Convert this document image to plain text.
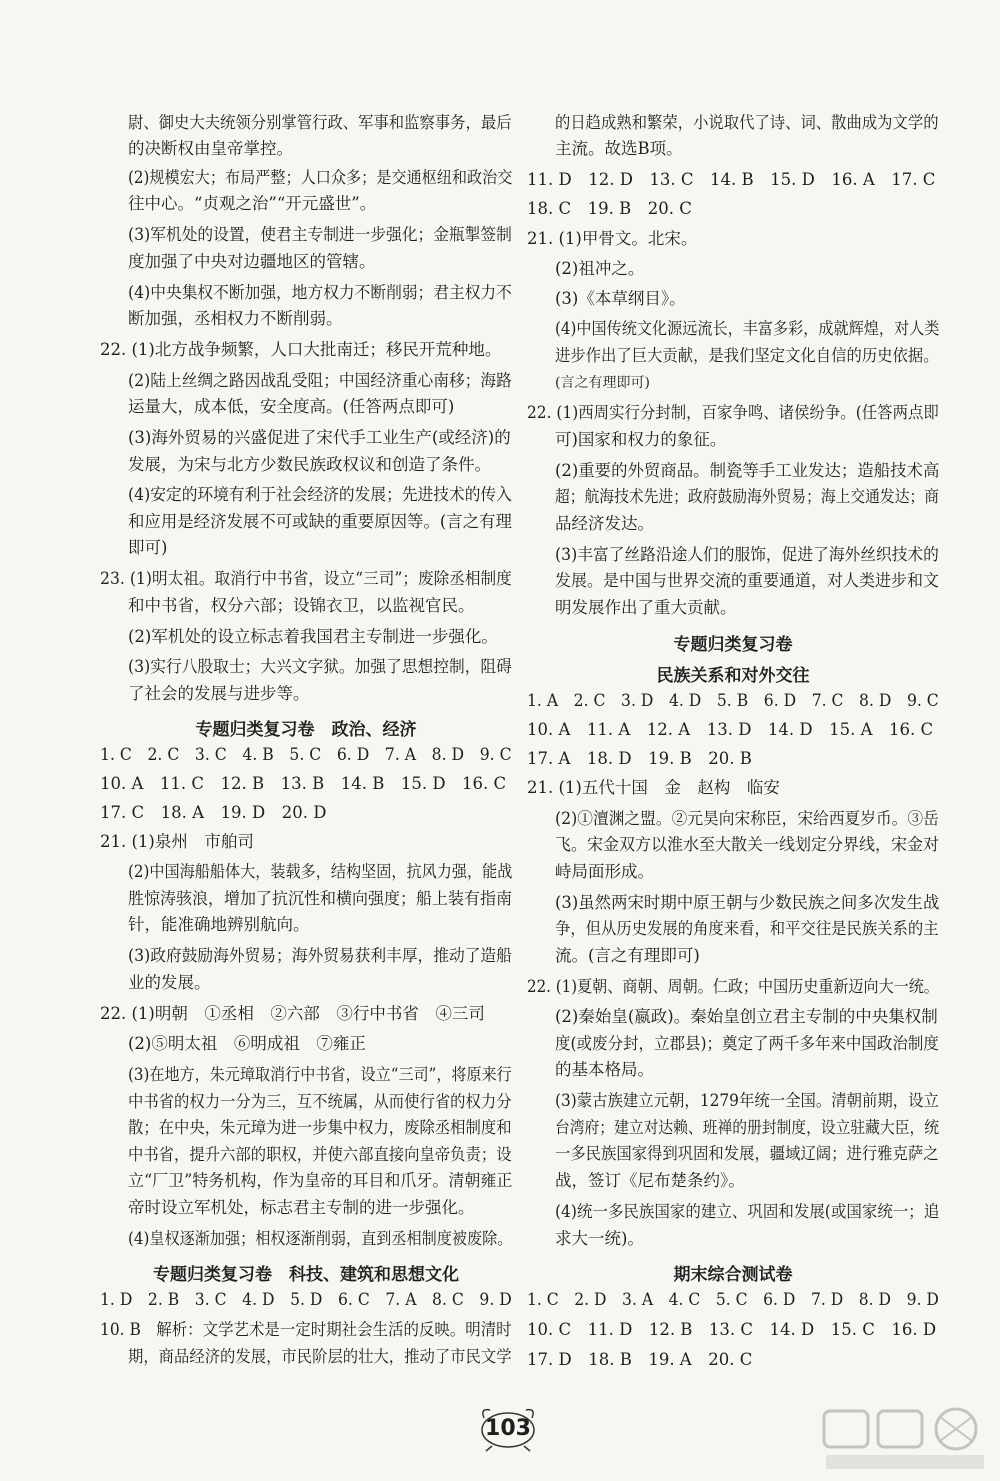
尉、御史大夫统领分别掌管行政、军事和监察事务，最后
的决断权由皇帝掌控。
(2)规模宏大；布局严整；人口众多；是交通枢纽和政治交
往中心。“贞观之治”“开元盛世”。
(3)军机处的设置，使君主专制进一步强化；金瓶掣签制
度加强了中央对边疆地区的管辖。
(4)中央集权不断加强，地方权力不断削弱；君主权力不
断加强，丞相权力不断削弱。
22. (1)北方战争频繁，人口大批南迁；移民开荒种地。
(2)陆上丝绸之路因战乱受阻；中国经济重心南移；海路
运量大，成本低，安全度高。(任答两点即可)
(3)海外贸易的兴盛促进了宋代手工业生产(或经济)的
发展，为宋与北方少数民族政权议和创造了条件。
(4)安定的环境有利于社会经济的发展；先进技术的传入
和应用是经济发展不可或缺的重要原因等。(言之有理
即可)
23. (1)明太祖。取消行中书省，设立“三司”；废除丞相制度
和中书省，权分六部；设锦衣卫，以监视官民。
(2)军机处的设立标志着我国君主专制进一步强化。
(3)实行八股取士；大兴文字狱。加强了思想控制，阻碍
了社会的发展与进步等。
专题归类复习卷　政治、经济
1. C　2. C　3. C　4. B　5. C　6. D　7. A　8. D　9. C
10. A　11. C　12. B　13. B　14. B　15. D　16. C
17. C　18. A　19. D　20. D
21. (1)泉州　市舶司
(2)中国海船船体大，装载多，结构坚固，抗风力强，能战
胜惊涛骇浪，增加了抗沉性和横向强度；船上装有指南
针，能准确地辨别航向。
(3)政府鼓励海外贸易；海外贸易获利丰厚，推动了造船
业的发展。
22. (1)明朝　①丞相　②六部　③行中书省　④三司
(2)⑤明太祖　⑥明成祖　⑦雍正
(3)在地方，朱元璋取消行中书省，设立“三司”，将原来行
中书省的权力一分为三，互不统属，从而使行省的权力分
散；在中央，朱元璋为进一步集中权力，废除丞相制度和
中书省，提升六部的职权，并使六部直接向皇帝负责；设
立“厂卫”特务机构，作为皇帝的耳目和爪牙。清朝雍正
帝时设立军机处，标志君主专制的进一步强化。
(4)皇权逐渐加强；相权逐渐削弱，直到丞相制度被废除。
专题归类复习卷　科技、建筑和思想文化
1. D　2. B　3. C　4. D　5. D　6. C　7. A　8. C　9. D
10. B　解析：文学艺术是一定时期社会生活的反映。明清时
期，商品经济的发展，市民阶层的壮大，推动了市民文学
的日趋成熟和繁荣，小说取代了诗、词、散曲成为文学的
主流。故选B项。
11. D　12. D　13. C　14. B　15. D　16. A　17. C
18. C　19. B　20. C
21. (1)甲骨文。北宋。
(2)祖冲之。
(3)《本草纲目》。
(4)中国传统文化源远流长，丰富多彩，成就辉煌，对人类
进步作出了巨大贡献，是我们坚定文化自信的历史依据。
(言之有理即可)
22. (1)西周实行分封制，百家争鸣、诸侯纷争。(任答两点即
可)国家和权力的象征。
(2)重要的外贸商品。制瓷等手工业发达；造船技术高
超；航海技术先进；政府鼓励海外贸易；海上交通发达；商
品经济发达。
(3)丰富了丝路沿途人们的服饰，促进了海外丝织技术的
发展。是中国与世界交流的重要通道，对人类进步和文
明发展作出了重大贡献。
专题归类复习卷
民族关系和对外交往
1. A　2. C　3. D　4. D　5. B　6. D　7. C　8. D　9. C
10. A　11. A　12. A　13. D　14. D　15. A　16. C
17. A　18. D　19. B　20. B
21. (1)五代十国　金　赵构　临安
(2)①澶渊之盟。②元昊向宋称臣，宋给西夏岁币。③岳
飞。宋金双方以淮水至大散关一线划定分界线，宋金对
峙局面形成。
(3)虽然两宋时期中原王朝与少数民族之间多次发生战
争，但从历史发展的角度来看，和平交往是民族关系的主
流。(言之有理即可)
22. (1)夏朝、商朝、周朝。仁政；中国历史重新迈向大一统。
(2)秦始皇(嬴政)。秦始皇创立君主专制的中央集权制
度(或废分封，立郡县)；奠定了两千多年来中国政治制度
的基本格局。
(3)蒙古族建立元朝，1279年统一全国。清朝前期，设立
台湾府；建立对达赖、班禅的册封制度，设立驻藏大臣，统
一多民族国家得到巩固和发展，疆域辽阔；进行雅克萨之
战，签订《尼布楚条约》。
(4)统一多民族国家的建立、巩固和发展(或国家统一；追
求大一统)。
期末综合测试卷
1. C　2. D　3. A　4. C　5. C　6. D　7. D　8. D　9. D
10. C　11. D　12. B　13. C　14. D　15. C　16. D
17. D　18. B　19. A　20. C
103
